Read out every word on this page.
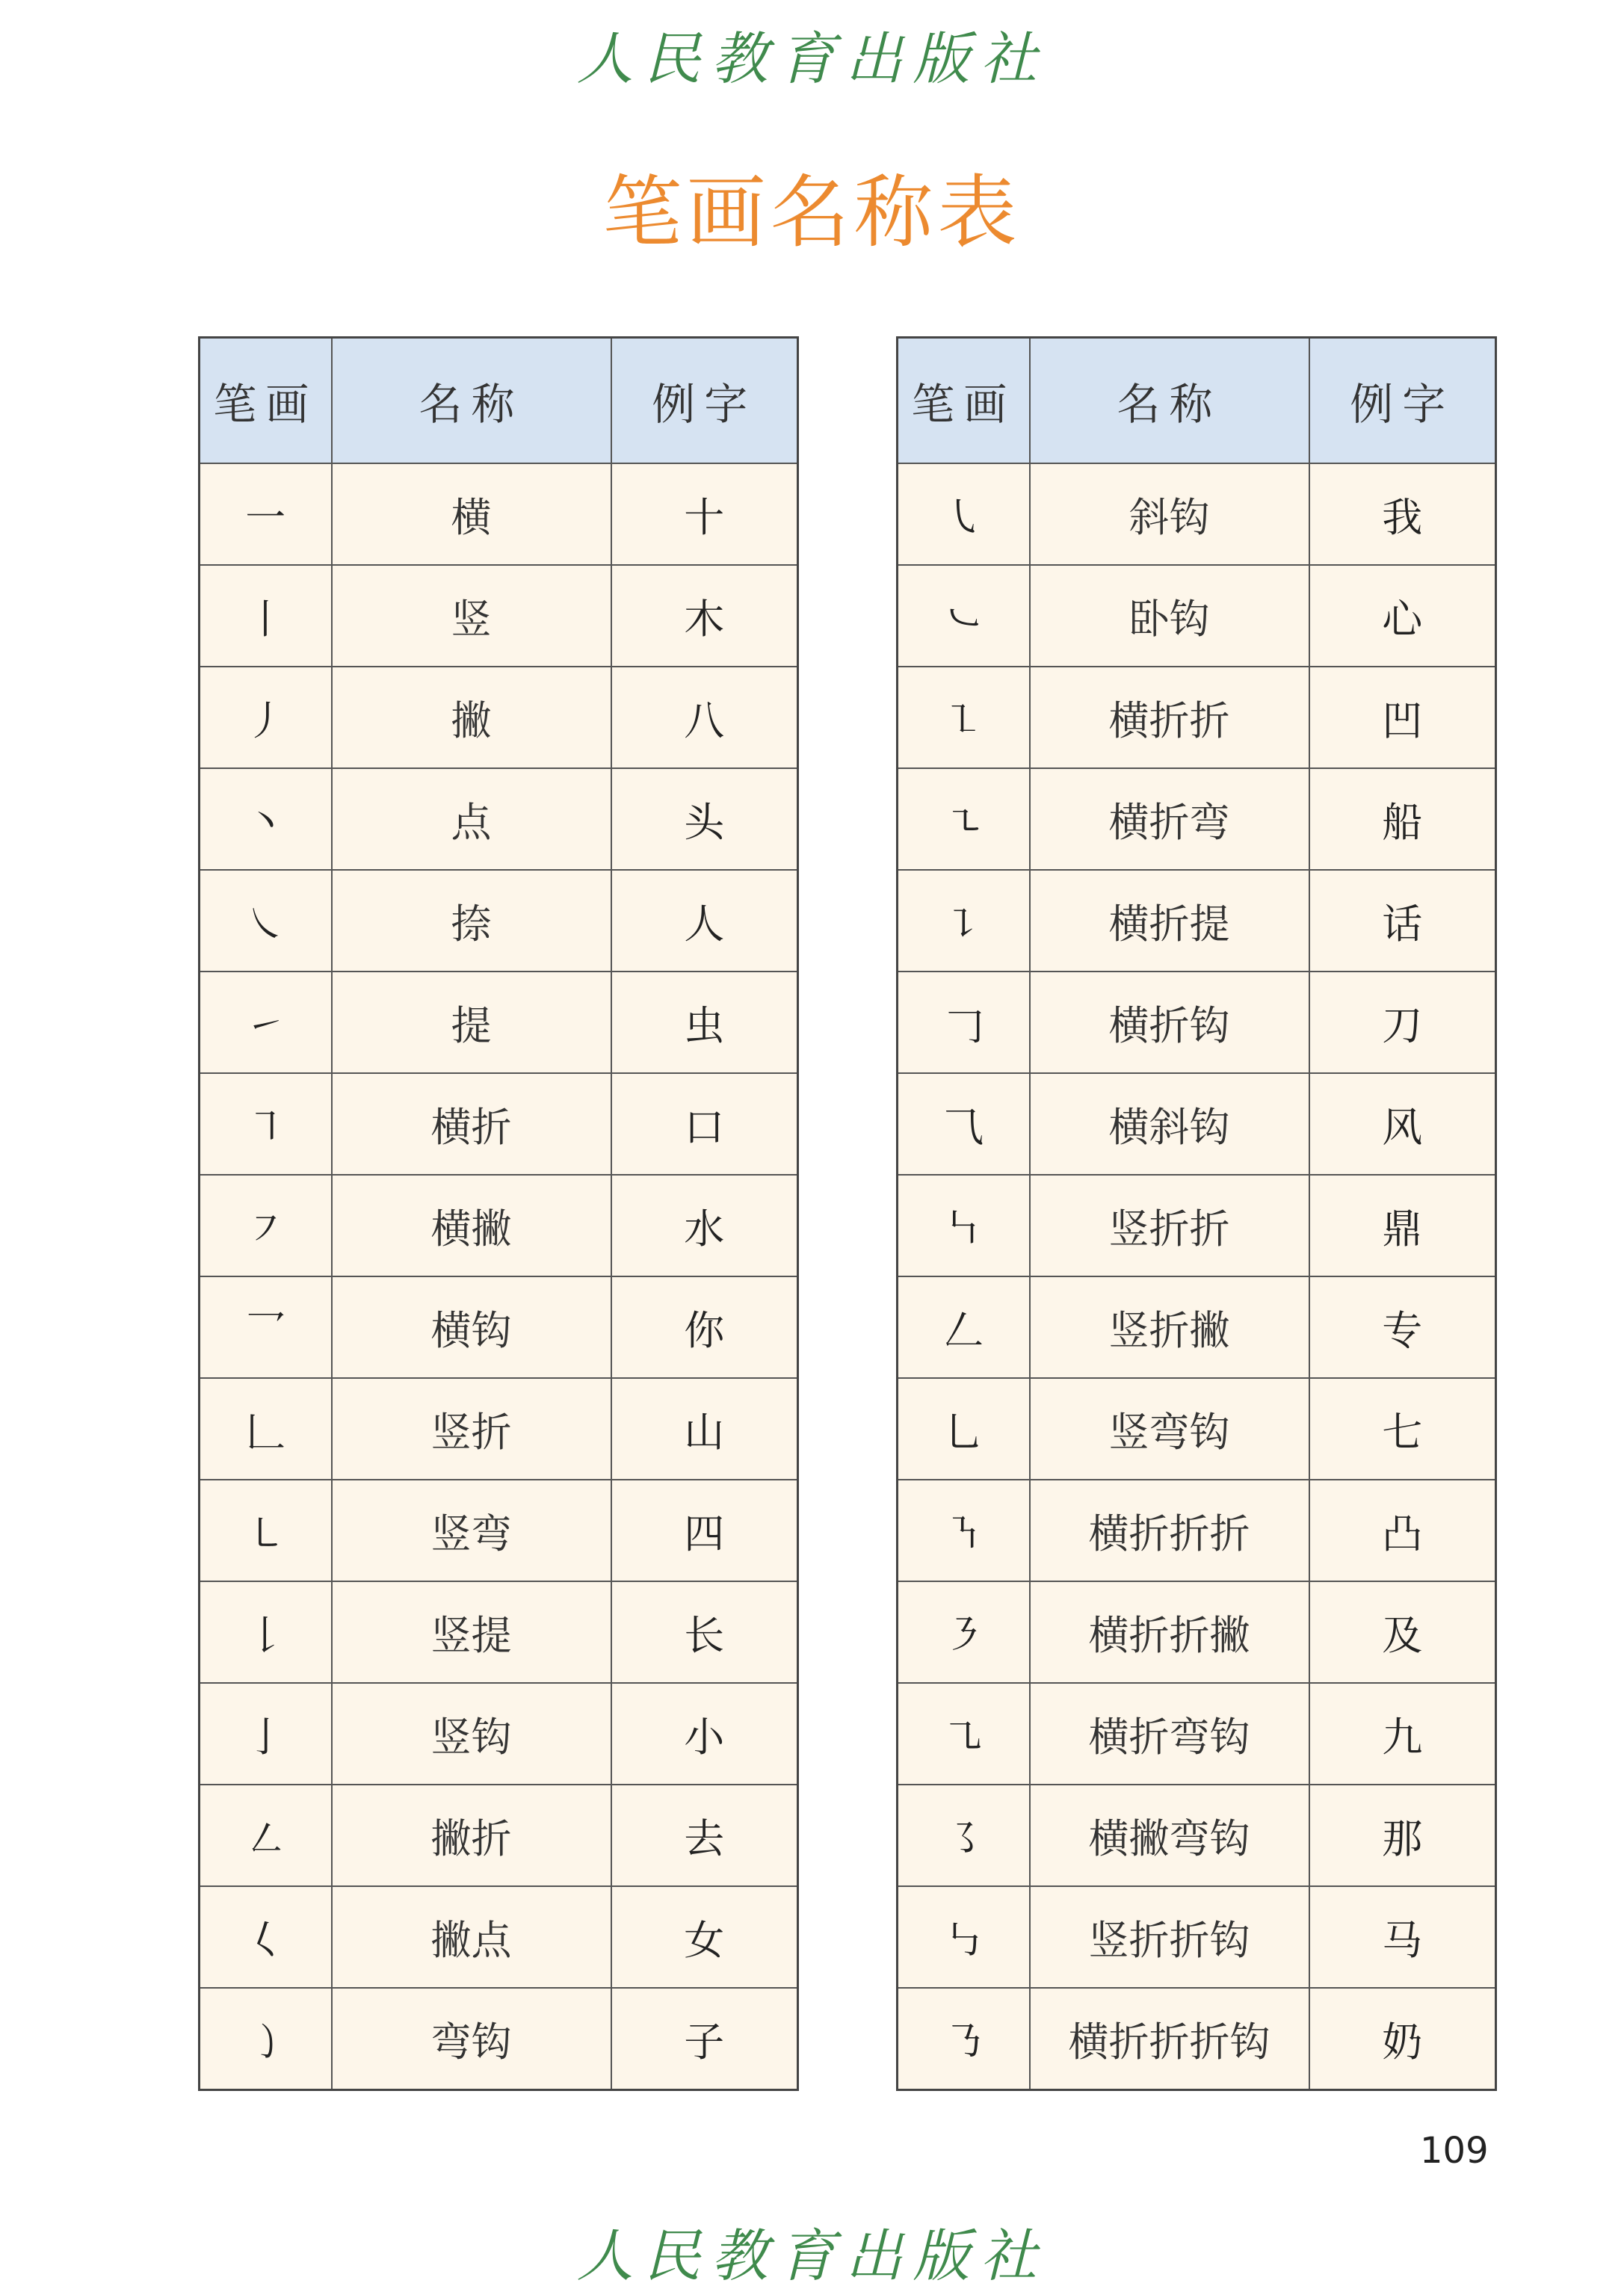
人民教育出版社
笔画名称表
笔画	名称	例字
一	横	十
丨	竖	木
丿	撇	八
丶	点	头
㇏	捺	人
㇀	提	虫
㇕	横折	口
㇇	横撇	水
乛	横钩	你
𠃊	竖折	山
㇄	竖弯	四
𠄌	竖提	长
亅	竖钩	小
㇜	撇折	去
𡿨	撇点	女
㇁	弯钩	子
笔画	名称	例字
㇂	斜钩	我
㇃	卧钩	心
㇅	横折折	凹
㇍	横折弯	船
㇊	横折提	话
𠃌	横折钩	刀
⺄	横斜钩	风
㇞	竖折折	鼎
𠃋	竖折撇	专
乚	竖弯钩	七
㇎	横折折折	凸
㇋	横折折撇	及
㇈	横折弯钩	九
㇌	横撇弯钩	那
㇉	竖折折钩	马
㇡	横折折折钩	奶
109
人民教育出版社
